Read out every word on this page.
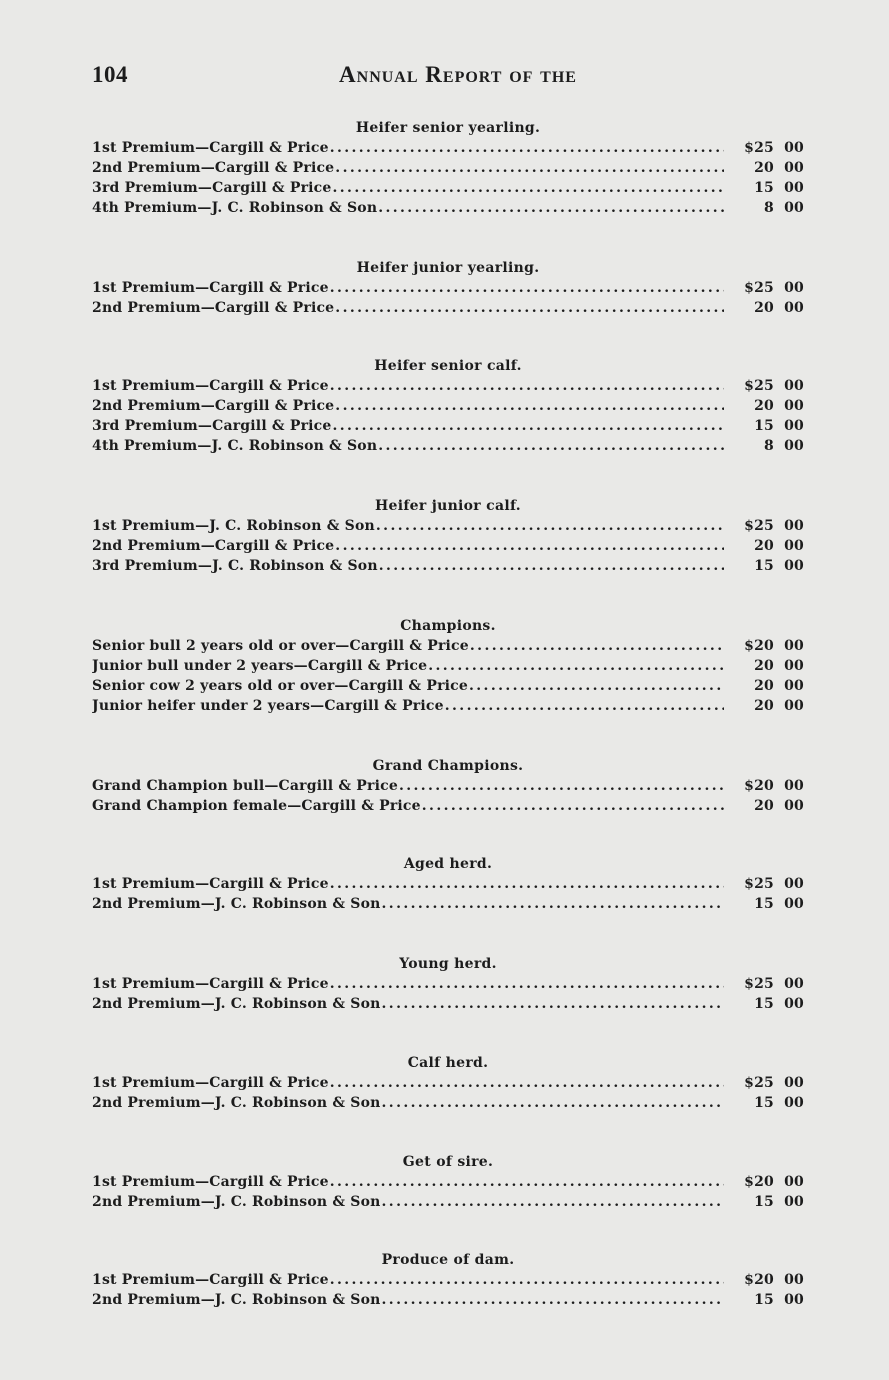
104	Annual Report of the
Heifer senior yearling.
1st Premium—Cargill & Price .....	$25 00
2nd Premium—Cargill & Price .....	20 00
3rd Premium—Cargill & Price .....	15 00
4th Premium—J. C. Robinson & Son .....	8 00
Heifer junior yearling.
1st Premium—Cargill & Price .....	$25 00
2nd Premium—Cargill & Price .....	20 00
Heifer senior calf.
1st Premium—Cargill & Price .....	$25 00
2nd Premium—Cargill & Price .....	20 00
3rd Premium—Cargill & Price .....	15 00
4th Premium—J. C. Robinson & Son .....	8 00
Heifer junior calf.
1st Premium—J. C. Robinson & Son .....	$25 00
2nd Premium—Cargill & Price .....	20 00
3rd Premium—J. C. Robinson & Son .....	15 00
Champions.
Senior bull 2 years old or over—Cargill & Price .....	$20 00
Junior bull under 2 years—Cargill & Price .....	20 00
Senior cow 2 years old or over—Cargill & Price .....	20 00
Junior heifer under 2 years—Cargill & Price .....	20 00
Grand Champions.
Grand Champion bull—Cargill & Price .....	$20 00
Grand Champion female—Cargill & Price .....	20 00
Aged herd.
1st Premium—Cargill & Price .....	$25 00
2nd Premium—J. C. Robinson & Son .....	15 00
Young herd.
1st Premium—Cargill & Price .....	$25 00
2nd Premium—J. C. Robinson & Son .....	15 00
Calf herd.
1st Premium—Cargill & Price .....	$25 00
2nd Premium—J. C. Robinson & Son .....	15 00
Get of sire.
1st Premium—Cargill & Price .....	$20 00
2nd Premium—J. C. Robinson & Son .....	15 00
Produce of dam.
1st Premium—Cargill & Price .....	$20 00
2nd Premium—J. C. Robinson & Son .....	15 00
